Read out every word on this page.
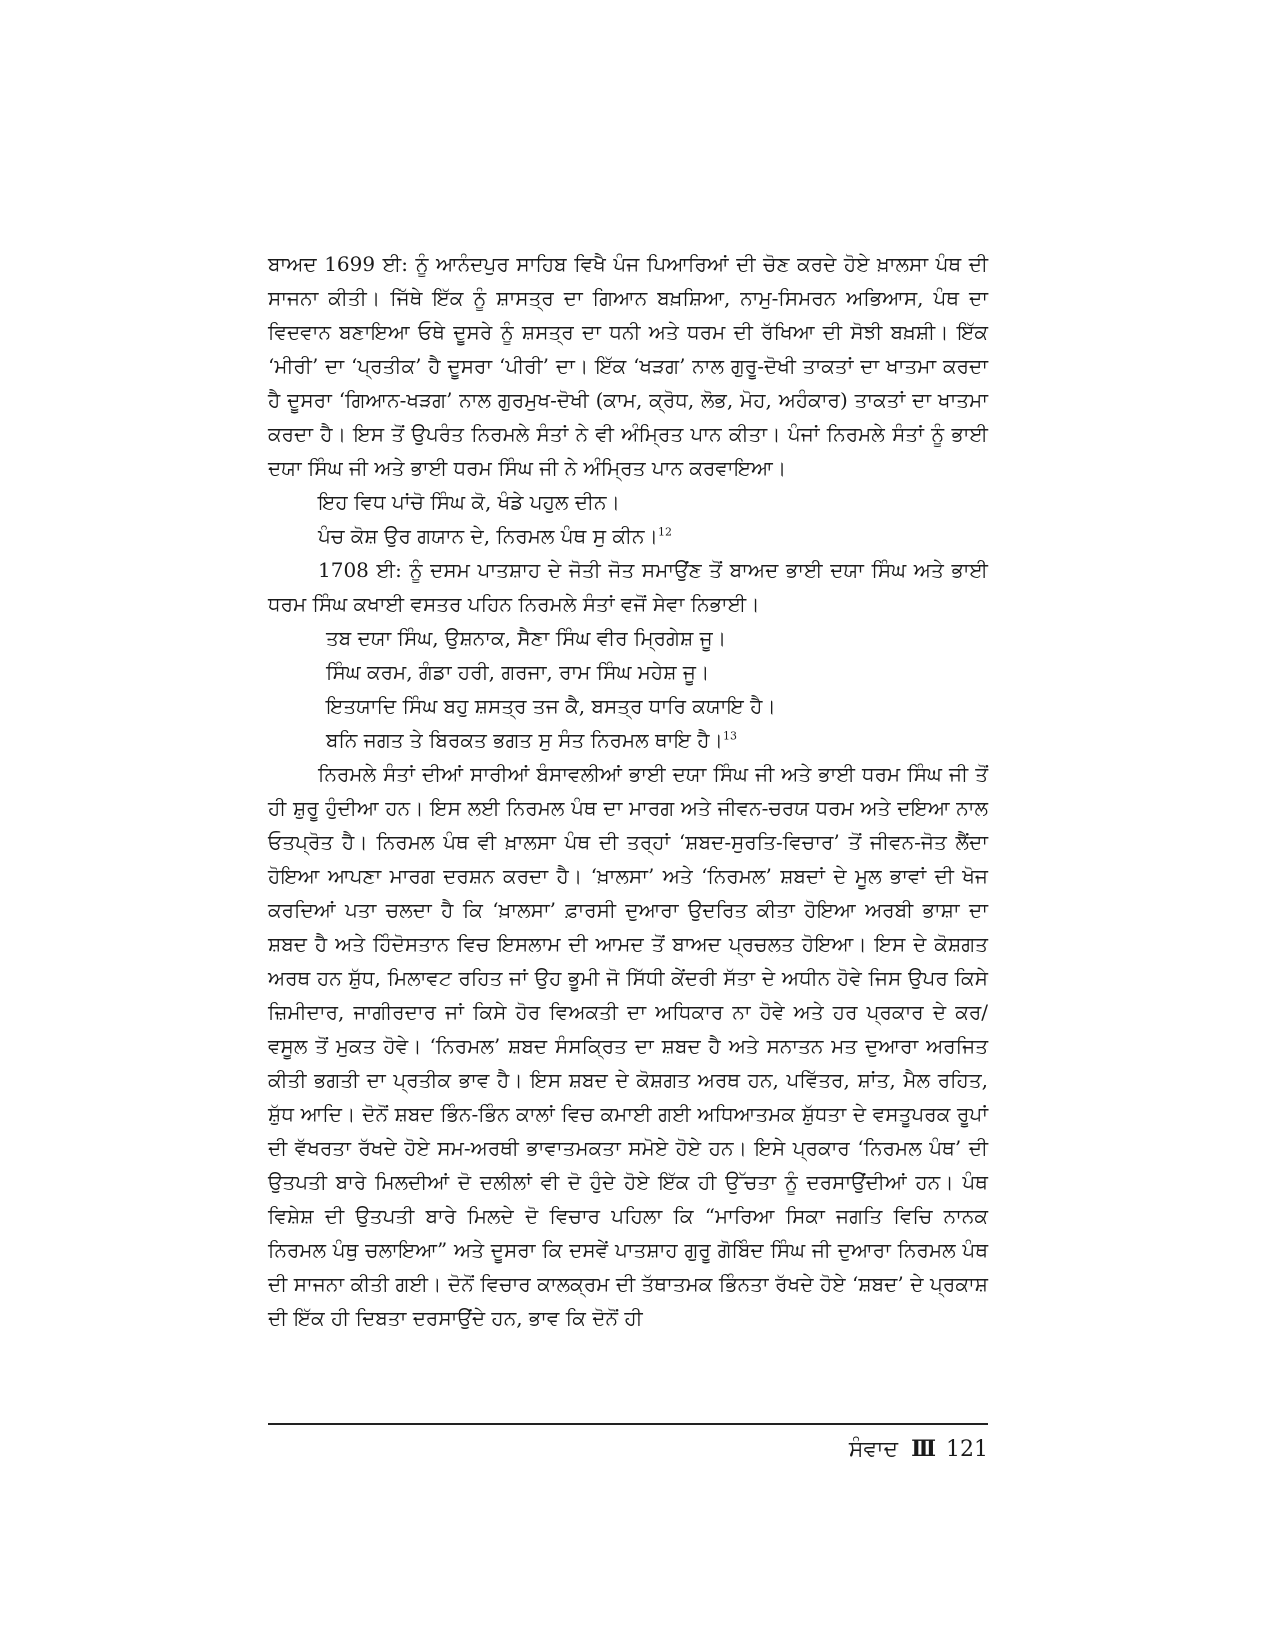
ਬਾਅਦ 1699 ਈ: ਨੂੰ ਆਨੰਦਪੁਰ ਸਾਹਿਬ ਵਿਖੈ ਪੰਜ ਪਿਆਰਿਆਂ ਦੀ ਚੋਣ ਕਰਦੇ ਹੋਏ ਖ਼ਾਲਸਾ ਪੰਥ ਦੀ ਸਾਜਨਾ ਕੀਤੀ। ਜਿੱਥੇ ਇੱਕ ਨੂੰ ਸ਼ਾਸਤ੍ਰ ਦਾ ਗਿਆਨ ਬਖ਼ਸ਼ਿਆ, ਨਾਮੁ-ਸਿਮਰਨ ਅਭਿਆਸ, ਪੰਥ ਦਾ ਵਿਦਵਾਨ ਬਣਾਇਆ ਓਥੇ ਦੂਸਰੇ ਨੂੰ ਸ਼ਸਤ੍ਰ ਦਾ ਧਨੀ ਅਤੇ ਧਰਮ ਦੀ ਰੱਖਿਆ ਦੀ ਸੋਝੀ ਬਖ਼ਸ਼ੀ। ਇੱਕ ‘ਮੀਰੀ’ ਦਾ ‘ਪ੍ਰਤੀਕ’ ਹੈ ਦੂਸਰਾ ‘ਪੀਰੀ’ ਦਾ। ਇੱਕ ‘ਖੜਗ’ ਨਾਲ ਗੁਰੂ-ਦੋਖੀ ਤਾਕਤਾਂ ਦਾ ਖਾਤਮਾ ਕਰਦਾ ਹੈ ਦੂਸਰਾ ‘ਗਿਆਨ-ਖੜਗ’ ਨਾਲ ਗੁਰਮੁਖ-ਦੋਖੀ (ਕਾਮ, ਕ੍ਰੋਧ, ਲੋਭ, ਮੋਹ, ਅਹੰਕਾਰ) ਤਾਕਤਾਂ ਦਾ ਖਾਤਮਾ ਕਰਦਾ ਹੈ। ਇਸ ਤੋਂ ਉਪਰੰਤ ਨਿਰਮਲੇ ਸੰਤਾਂ ਨੇ ਵੀ ਅੰਮ੍ਰਿਤ ਪਾਨ ਕੀਤਾ। ਪੰਜਾਂ ਨਿਰਮਲੇ ਸੰਤਾਂ ਨੂੰ ਭਾਈ ਦਯਾ ਸਿੰਘ ਜੀ ਅਤੇ ਭਾਈ ਧਰਮ ਸਿੰਘ ਜੀ ਨੇ ਅੰਮ੍ਰਿਤ ਪਾਨ ਕਰਵਾਇਆ।

ਇਹ ਵਿਧ ਪਾਂਚੋ ਸਿੰਘ ਕੋ, ਖੰਡੇ ਪਹੁਲ ਦੀਨ।

ਪੰਚ ਕੋਸ਼ ਉਰ ਗਯਾਨ ਦੇ, ਨਿਰਮਲ ਪੰਥ ਸੁ ਕੀਨ।$^{12}$

1708 ਈ: ਨੂੰ ਦਸਮ ਪਾਤਸ਼ਾਹ ਦੇ ਜੋਤੀ ਜੋਤ ਸਮਾਉਂਣ ਤੋਂ ਬਾਅਦ ਭਾਈ ਦਯਾ ਸਿੰਘ ਅਤੇ ਭਾਈ ਧਰਮ ਸਿੰਘ ਕਖਾਈ ਵਸਤਰ ਪਹਿਨ ਨਿਰਮਲੇ ਸੰਤਾਂ ਵਜੋਂ ਸੇਵਾ ਨਿਭਾਈ।

ਤਬ ਦਯਾ ਸਿੰਘ, ਉਸ਼ਨਾਕ, ਸੈਣਾ ਸਿੰਘ ਵੀਰ ਮ੍ਰਿਗੇਸ਼ ਜੂ।

ਸਿੰਘ ਕਰਮ, ਗੰਡਾ ਹਰੀ, ਗਰਜਾ, ਰਾਮ ਸਿੰਘ ਮਹੇਸ਼ ਜੂ।

ਇਤਯਾਦਿ ਸਿੰਘ ਬਹੁ ਸ਼ਸਤ੍ਰ ਤਜ ਕੈ, ਬਸਤ੍ਰ ਧਾਰਿ ਕਯਾਇ ਹੈ।

ਬਨਿ ਜਗਤ ਤੇ ਬਿਰਕਤ ਭਗਤ ਸੁ ਸੰਤ ਨਿਰਮਲ ਥਾਇ ਹੈ।$^{13}$

ਨਿਰਮਲੇ ਸੰਤਾਂ ਦੀਆਂ ਸਾਰੀਆਂ ਬੰਸਾਵਲੀਆਂ ਭਾਈ ਦਯਾ ਸਿੰਘ ਜੀ ਅਤੇ ਭਾਈ ਧਰਮ ਸਿੰਘ ਜੀ ਤੋਂ ਹੀ ਸ਼ੁਰੂ ਹੁੰਦੀਆ ਹਨ। ਇਸ ਲਈ ਨਿਰਮਲ ਪੰਥ ਦਾ ਮਾਰਗ ਅਤੇ ਜੀਵਨ-ਚਰਯ ਧਰਮ ਅਤੇ ਦਇਆ ਨਾਲ ਓਤਪ੍ਰੋਤ ਹੈ। ਨਿਰਮਲ ਪੰਥ ਵੀ ਖ਼ਾਲਸਾ ਪੰਥ ਦੀ ਤਰ੍ਹਾਂ ‘ਸ਼ਬਦ-ਸੁਰਤਿ-ਵਿਚਾਰ’ ਤੋਂ ਜੀਵਨ-ਜੋਤ ਲੈਂਦਾ ਹੋਇਆ ਆਪਣਾ ਮਾਰਗ ਦਰਸ਼ਨ ਕਰਦਾ ਹੈ। ‘ਖ਼ਾਲਸਾ’ ਅਤੇ ‘ਨਿਰਮਲ’ ਸ਼ਬਦਾਂ ਦੇ ਮੂਲ ਭਾਵਾਂ ਦੀ ਖੋਜ ਕਰਦਿਆਂ ਪਤਾ ਚਲਦਾ ਹੈ ਕਿ ‘ਖ਼ਾਲਸਾ’ ਫ਼ਾਰਸੀ ਦੁਆਰਾ ਉਦਰਿਤ ਕੀਤਾ ਹੋਇਆ ਅਰਬੀ ਭਾਸ਼ਾ ਦਾ ਸ਼ਬਦ ਹੈ ਅਤੇ ਹਿੰਦੋਸਤਾਨ ਵਿਚ ਇਸਲਾਮ ਦੀ ਆਮਦ ਤੋਂ ਬਾਅਦ ਪ੍ਰਚਲਤ ਹੋਇਆ। ਇਸ ਦੇ ਕੋਸ਼ਗਤ ਅਰਥ ਹਨ ਸ਼ੁੱਧ, ਮਿਲਾਵਟ ਰਹਿਤ ਜਾਂ ਉਹ ਭੂਮੀ ਜੋ ਸਿੱਧੀ ਕੇਂਦਰੀ ਸੱਤਾ ਦੇ ਅਧੀਨ ਹੋਵੇ ਜਿਸ ਉਪਰ ਕਿਸੇ ਜ਼ਿਮੀਦਾਰ, ਜਾਗੀਰਦਾਰ ਜਾਂ ਕਿਸੇ ਹੋਰ ਵਿਅਕਤੀ ਦਾ ਅਧਿਕਾਰ ਨਾ ਹੋਵੇ ਅਤੇ ਹਰ ਪ੍ਰਕਾਰ ਦੇ ਕਰ/ਵਸੂਲ ਤੋਂ ਮੁਕਤ ਹੋਵੇ। ‘ਨਿਰਮਲ’ ਸ਼ਬਦ ਸੰਸਕ੍ਰਿਤ ਦਾ ਸ਼ਬਦ ਹੈ ਅਤੇ ਸਨਾਤਨ ਮਤ ਦੁਆਰਾ ਅਰਜਿਤ ਕੀਤੀ ਭਗਤੀ ਦਾ ਪ੍ਰਤੀਕ ਭਾਵ ਹੈ। ਇਸ ਸ਼ਬਦ ਦੇ ਕੋਸ਼ਗਤ ਅਰਥ ਹਨ, ਪਵਿੱਤਰ, ਸ਼ਾਂਤ, ਮੈਲ ਰਹਿਤ, ਸ਼ੁੱਧ ਆਦਿ। ਦੋਨੋਂ ਸ਼ਬਦ ਭਿੰਨ-ਭਿੰਨ ਕਾਲਾਂ ਵਿਚ ਕਮਾਈ ਗਈ ਅਧਿਆਤਮਕ ਸ਼ੁੱਧਤਾ ਦੇ ਵਸਤੂਪਰਕ ਰੂਪਾਂ ਦੀ ਵੱਖਰਤਾ ਰੱਖਦੇ ਹੋਏ ਸਮ-ਅਰਥੀ ਭਾਵਾਤਮਕਤਾ ਸਮੋਏ ਹੋਏ ਹਨ। ਇਸੇ ਪ੍ਰਕਾਰ ‘ਨਿਰਮਲ ਪੰਥ’ ਦੀ ਉਤਪਤੀ ਬਾਰੇ ਮਿਲਦੀਆਂ ਦੋ ਦਲੀਲਾਂ ਵੀ ਦੋ ਹੁੰਦੇ ਹੋਏ ਇੱਕ ਹੀ ਉੱਚਤਾ ਨੂੰ ਦਰਸਾਉਂਦੀਆਂ ਹਨ। ਪੰਥ ਵਿਸ਼ੇਸ਼ ਦੀ ਉਤਪਤੀ ਬਾਰੇ ਮਿਲਦੇ ਦੋ ਵਿਚਾਰ ਪਹਿਲਾ ਕਿ “ਮਾਰਿਆ ਸਿਕਾ ਜਗਤਿ ਵਿਚਿ ਨਾਨਕ ਨਿਰਮਲ ਪੰਥੁ ਚਲਾਇਆ” ਅਤੇ ਦੂਸਰਾ ਕਿ ਦਸਵੇਂ ਪਾਤਸ਼ਾਹ ਗੁਰੂ ਗੋਬਿੰਦ ਸਿੰਘ ਜੀ ਦੁਆਰਾ ਨਿਰਮਲ ਪੰਥ ਦੀ ਸਾਜਨਾ ਕੀਤੀ ਗਈ। ਦੋਨੋਂ ਵਿਚਾਰ ਕਾਲਕ੍ਰਮ ਦੀ ਤੱਥਾਤਮਕ ਭਿੰਨਤਾ ਰੱਖਦੇ ਹੋਏ ‘ਸ਼ਬਦ’ ਦੇ ਪ੍ਰਕਾਸ਼ ਦੀ ਇੱਕ ਹੀ ਦਿਬਤਾ ਦਰਸਾਉਂਦੇ ਹਨ, ਭਾਵ ਕਿ ਦੋਨੋਂ ਹੀ

ਸੰਵਾਦ III 121
